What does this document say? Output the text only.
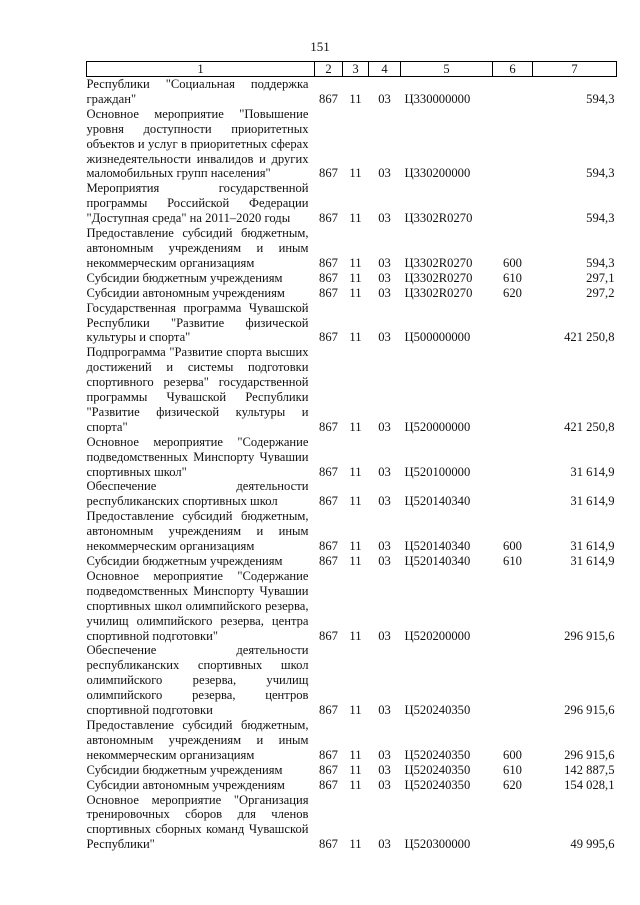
151
1	2	3	4	5	6	7
Республики "Социальная поддержка граждан"	867	11	03	Ц330000000		594,3
Основное мероприятие "Повышение уровня доступности приоритетных объектов и услуг в приоритетных сферах жизнедеятельности инвалидов и других маломобильных групп населения"	867	11	03	Ц330200000		594,3
Мероприятия государственной программы Российской Федерации "Доступная среда" на 2011–2020 годы	867	11	03	Ц3302R0270		594,3
Предоставление субсидий бюджетным, автономным учреждениям и иным некоммерческим организациям	867	11	03	Ц3302R0270	600	594,3
Субсидии бюджетным учреждениям	867	11	03	Ц3302R0270	610	297,1
Субсидии автономным учреждениям	867	11	03	Ц3302R0270	620	297,2
Государственная программа Чувашской Республики "Развитие физической культуры и спорта"	867	11	03	Ц500000000		421 250,8
Подпрограмма "Развитие спорта высших достижений и системы подготовки спортивного резерва" государственной программы Чувашской Республики "Развитие физической культуры и спорта"	867	11	03	Ц520000000		421 250,8
Основное мероприятие "Содержание подведомственных Минспорту Чувашии спортивных школ"	867	11	03	Ц520100000		31 614,9
Обеспечение деятельности республиканских спортивных школ	867	11	03	Ц520140340		31 614,9
Предоставление субсидий бюджетным, автономным учреждениям и иным некоммерческим организациям	867	11	03	Ц520140340	600	31 614,9
Субсидии бюджетным учреждениям	867	11	03	Ц520140340	610	31 614,9
Основное мероприятие "Содержание подведомственных Минспорту Чувашии спортивных школ олимпийского резерва, училищ олимпийского резерва, центра спортивной подготовки"	867	11	03	Ц520200000		296 915,6
Обеспечение деятельности республиканских спортивных школ олимпийского резерва, училищ олимпийского резерва, центров спортивной подготовки	867	11	03	Ц520240350		296 915,6
Предоставление субсидий бюджетным, автономным учреждениям и иным некоммерческим организациям	867	11	03	Ц520240350	600	296 915,6
Субсидии бюджетным учреждениям	867	11	03	Ц520240350	610	142 887,5
Субсидии автономным учреждениям	867	11	03	Ц520240350	620	154 028,1
Основное мероприятие "Организация тренировочных сборов для членов спортивных сборных команд Чувашской Республики"	867	11	03	Ц520300000		49 995,6
